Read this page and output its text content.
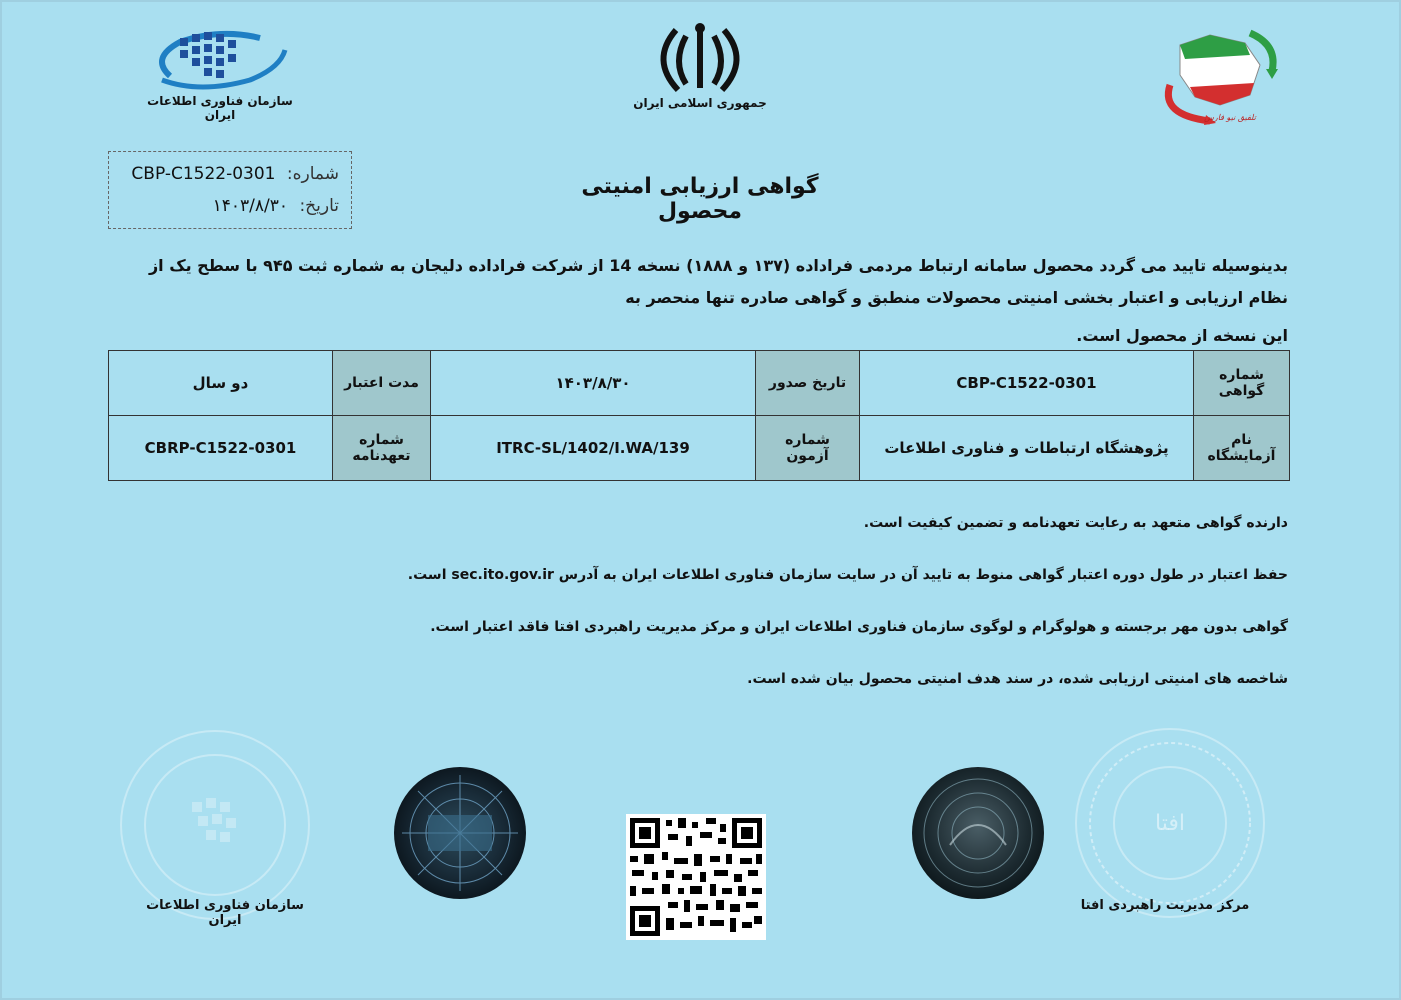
سازمان فناوری اطلاعات ایران
جمهوری اسلامی ایران
تلفیق نیو فارس
شماره: CBP-C1522-0301
تاریخ: ۱۴۰۳/۸/۳۰
گواهی ارزیابی امنیتی محصول

بدینوسیله تایید می گردد محصول سامانه ارتباط مردمی فراداده (۱۳۷ و ۱۸۸۸) نسخه 14 از شرکت فراداده دلیجان به شماره ثبت ۹۴۵ با سطح یک از نظام ارزیابی و اعتبار بخشی امنیتی محصولات منطبق و گواهی صادره تنها منحصر به

این نسخه از محصول است.

دو سال	مدت اعتبار	۱۴۰۳/۸/۳۰	تاریخ صدور	CBP-C1522-0301	شماره گواهی
CBRP-C1522-0301	شماره تعهدنامه	ITRC-SL/1402/I.WA/139	شماره آزمون	پژوهشگاه ارتباطات و فناوری اطلاعات	نام آزمایشگاه

دارنده گواهی متعهد به رعایت تعهدنامه و تضمین کیفیت است.

حفظ اعتبار در طول دوره اعتبار گواهی منوط به تایید آن در سایت سازمان فناوری اطلاعات ایران به آدرس sec.ito.gov.ir است.

گواهی بدون مهر برجسته و هولوگرام و لوگوی سازمان فناوری اطلاعات ایران و مرکز مدیریت راهبردی افتا فاقد اعتبار است.

شاخصه های امنیتی ارزیابی شده، در سند هدف امنیتی محصول بیان شده است.

سازمان فناوری اطلاعات ایران
افتا
مرکز مدیریت راهبردی افتا
